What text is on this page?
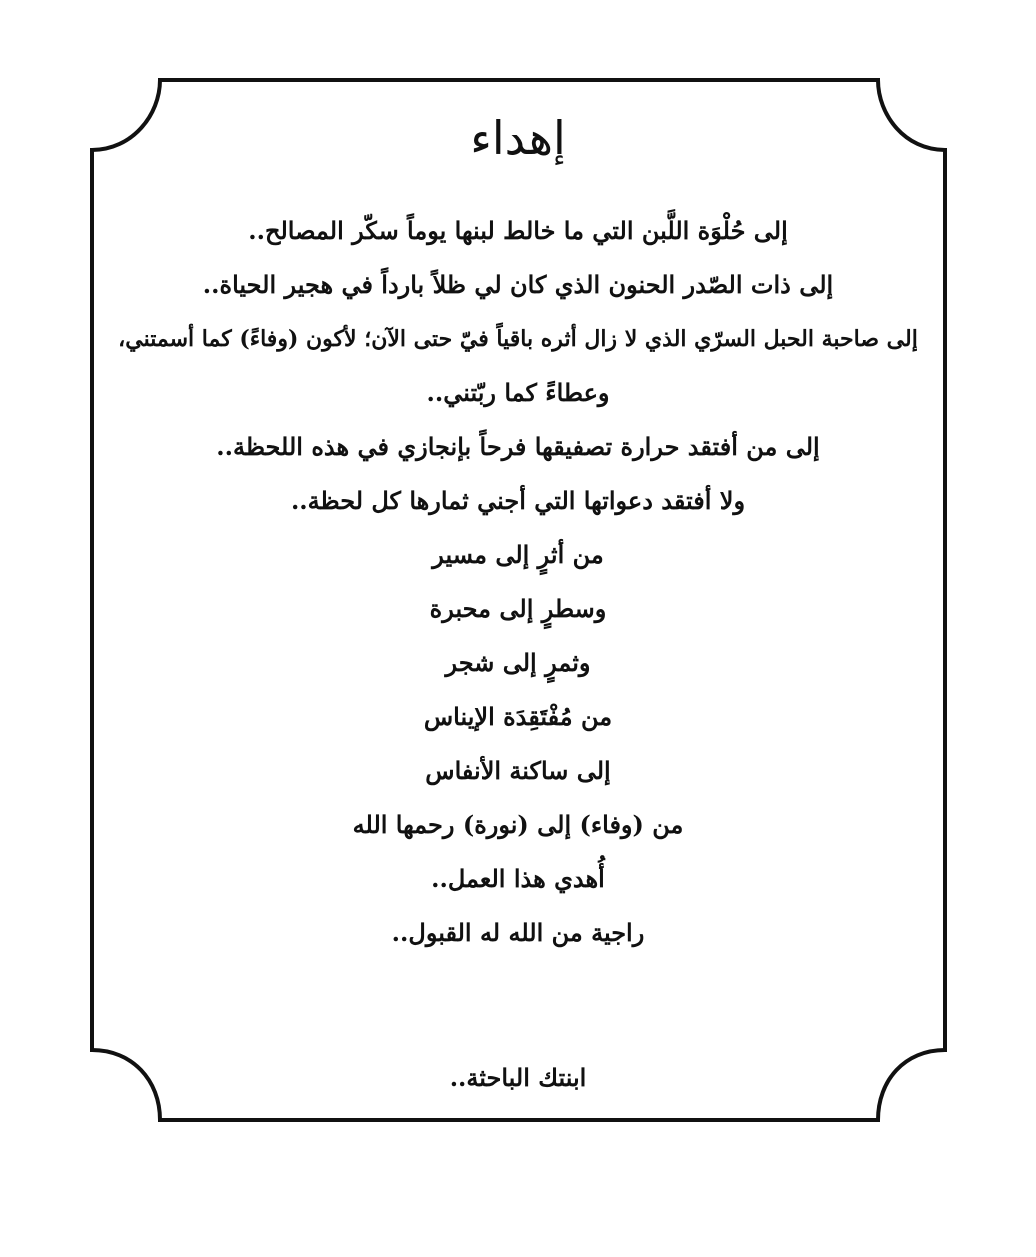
إهداء
إلى حُلْوَة اللَّبن التي ما خالط لبنها يوماً سكّر المصالح..
إلى ذات الصّدر الحنون الذي كان لي ظلاً بارداً في هجير الحياة..
إلى صاحبة الحبل السرّي الذي لا زال أثره باقياً فيّ حتى الآن؛ لأكون (وفاءً) كما أسمتني،
وعطاءً كما ربّتني..
إلى من أفتقد حرارة تصفيقها فرحاً بإنجازي في هذه اللحظة..
ولا أفتقد دعواتها التي أجني ثمارها كل لحظة..
من أثرٍ إلى مسير
وسطرٍ إلى محبرة
وثمرٍ إلى شجر
من مُفْتَقِدَة الإيناس
إلى ساكنة الأنفاس
من (وفاء) إلى (نورة) رحمها الله
أُهدي هذا العمل..
راجية من الله له القبول..
ابنتك الباحثة..
